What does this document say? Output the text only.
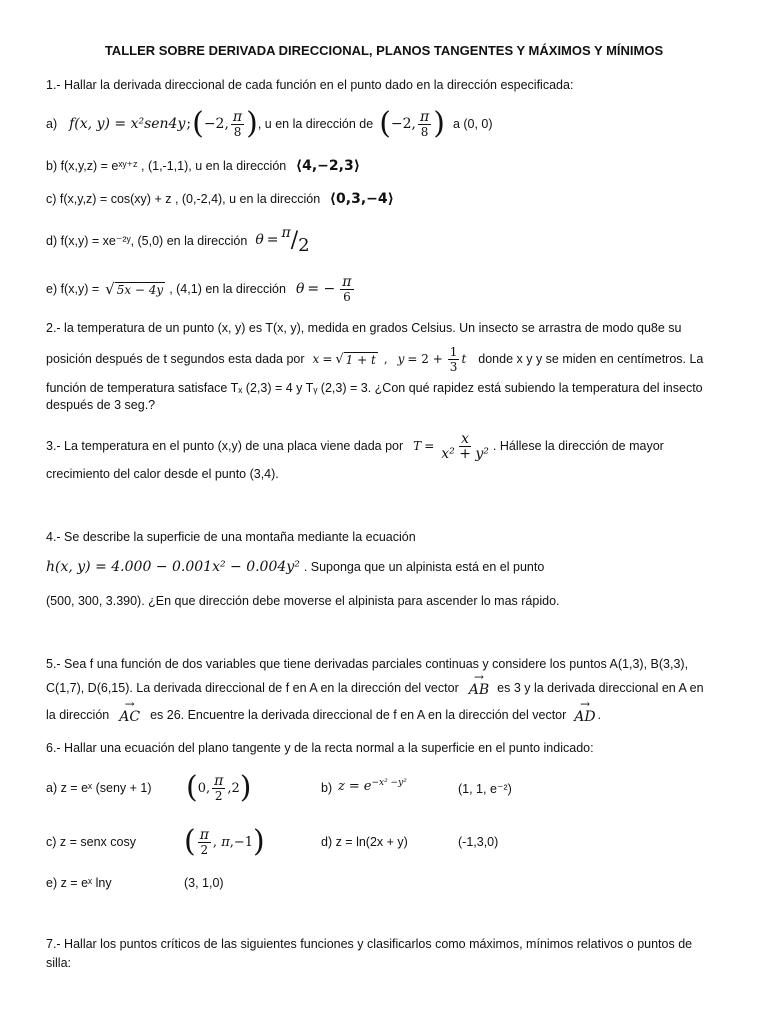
TALLER SOBRE DERIVADA DIRECCIONAL, PLANOS TANGENTES Y MÁXIMOS Y MÍNIMOS
1.- Hallar la derivada direccional de cada función en el punto dado en la dirección especificada:
a) f(x, y) = x²sen4y ; ( −2, $\frac{\pi}{8}$ ) , u en la dirección de ( −2, $\frac{\pi}{8}$ ) a (0, 0)
b) f(x,y,z) = eˣʸ⁺ᶻ , (1,-1,1), u en la dirección ⟨4,−2,3⟩
c) f(x,y,z) = cos(xy) + z , (0,-2,4), u en la dirección ⟨0,3,−4⟩
d) f(x,y) = xe⁻²ʸ, (5,0) en la dirección θ = π / 2
e) f(x,y) = √ 5x − 4y , (4,1) en la dirección θ = − $\frac{\pi}{6}$
2.- la temperatura de un punto (x, y) es T(x, y), medida en grados Celsius. Un insecto se arrastra de modo qu8e su
posición después de t segundos esta dada por x = √ 1 + t , $y = 2 + \frac{1}{3}$ t donde x y y se miden en centímetros. La
función de temperatura satisface Tₓ (2,3) = 4 y Tᵧ (2,3) = 3. ¿Con qué rapidez está subiendo la temperatura del insecto
después de 3 seg.?
3.- La temperatura en el punto (x,y) de una placa viene dada por $T = \frac{x}{\text{x² + y²}}$ . Hállese la dirección de mayor
crecimiento del calor desde el punto (3,4).
4.- Se describe la superficie de una montaña mediante la ecuación
h(x, y) = 4.000 − 0.001x² − 0.004y² . Suponga que un alpinista está en el punto
(500, 300, 3.390). ¿En que dirección debe moverse el alpinista para ascender lo mas rápido.
5.- Sea f una función de dos variables que tiene derivadas parciales continuas y considere los puntos A(1,3), B(3,3),
C(1,7), D(6,15). La derivada direccional de f en A en la dirección del vector → AB es 3 y la derivada direccional en A en
la dirección → AC es 26. Encuentre la derivada direccional de f en A en la dirección del vector → AD .
6.- Hallar una ecuación del plano tangente y de la recta normal a la superficie en el punto indicado:
a) z = eˣ (seny + 1) ( 0, $\frac{\pi}{2} ,2$ )	b) $z = e^{-x^2 -y^2}$	(1, 1, e⁻²)
c) z = senx cosy ( $\frac{\pi}{2}$ , π,−1 )	d) z = ln(2x + y)	(-1,3,0)
e) z = eˣ lny	(3, 1,0)
7.- Hallar los puntos críticos de las siguientes funciones y clasificarlos como máximos, mínimos relativos o puntos de
silla:
